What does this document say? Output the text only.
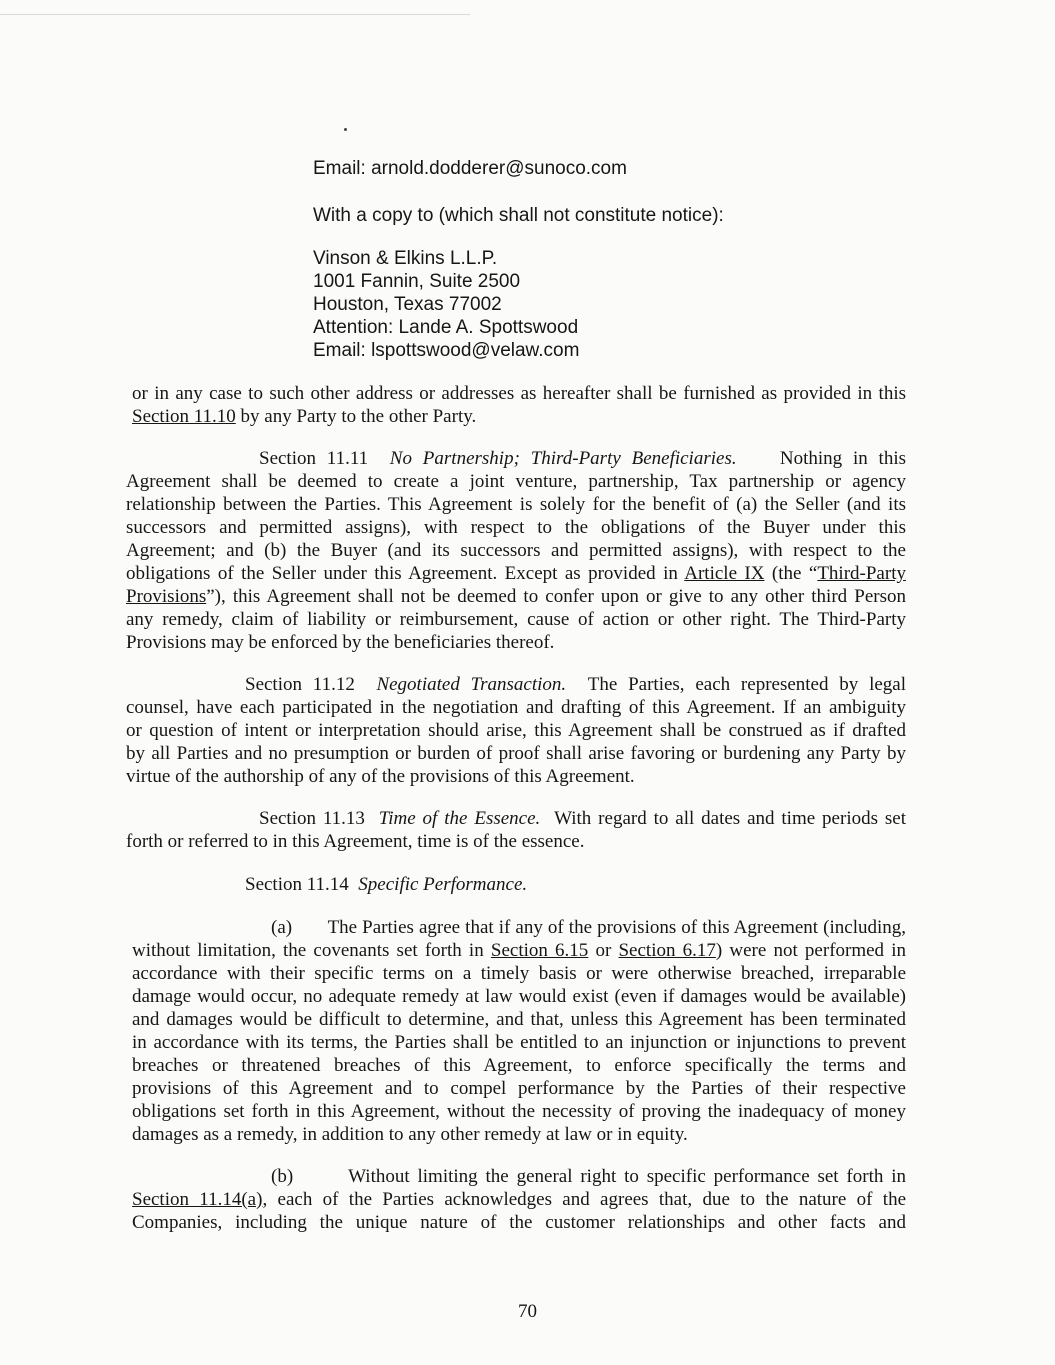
Email: arnold.dodderer@sunoco.com
With a copy to (which shall not constitute notice):
Vinson & Elkins L.L.P.
1001 Fannin, Suite 2500
Houston, Texas 77002
Attention: Lande A. Spottswood
Email: lspottswood@velaw.com
or in any case to such other address or addresses as hereafter shall be furnished as provided in this
Section 11.10 by any Party to the other Party.
Section 11.11 No Partnership; Third-Party Beneficiaries. Nothing in this
Agreement shall be deemed to create a joint venture, partnership, Tax partnership or agency
relationship between the Parties. This Agreement is solely for the benefit of (a) the Seller (and its
successors and permitted assigns), with respect to the obligations of the Buyer under this
Agreement; and (b) the Buyer (and its successors and permitted assigns), with respect to the
obligations of the Seller under this Agreement. Except as provided in Article IX (the “Third-Party
Provisions”), this Agreement shall not be deemed to confer upon or give to any other third Person
any remedy, claim of liability or reimbursement, cause of action or other right. The Third-Party
Provisions may be enforced by the beneficiaries thereof.
Section 11.12 Negotiated Transaction. The Parties, each represented by legal
counsel, have each participated in the negotiation and drafting of this Agreement. If an ambiguity
or question of intent or interpretation should arise, this Agreement shall be construed as if drafted
by all Parties and no presumption or burden of proof shall arise favoring or burdening any Party by
virtue of the authorship of any of the provisions of this Agreement.
Section 11.13 Time of the Essence. With regard to all dates and time periods set
forth or referred to in this Agreement, time is of the essence.
Section 11.14 Specific Performance.
(a) The Parties agree that if any of the provisions of this Agreement (including,
without limitation, the covenants set forth in Section 6.15 or Section 6.17) were not performed in
accordance with their specific terms on a timely basis or were otherwise breached, irreparable
damage would occur, no adequate remedy at law would exist (even if damages would be available)
and damages would be difficult to determine, and that, unless this Agreement has been terminated
in accordance with its terms, the Parties shall be entitled to an injunction or injunctions to prevent
breaches or threatened breaches of this Agreement, to enforce specifically the terms and
provisions of this Agreement and to compel performance by the Parties of their respective
obligations set forth in this Agreement, without the necessity of proving the inadequacy of money
damages as a remedy, in addition to any other remedy at law or in equity.
(b)	Without limiting the general right to specific performance set forth in
Section 11.14(a), each of the Parties acknowledges and agrees that, due to the nature of the
Companies, including the unique nature of the customer relationships and other facts and
70
